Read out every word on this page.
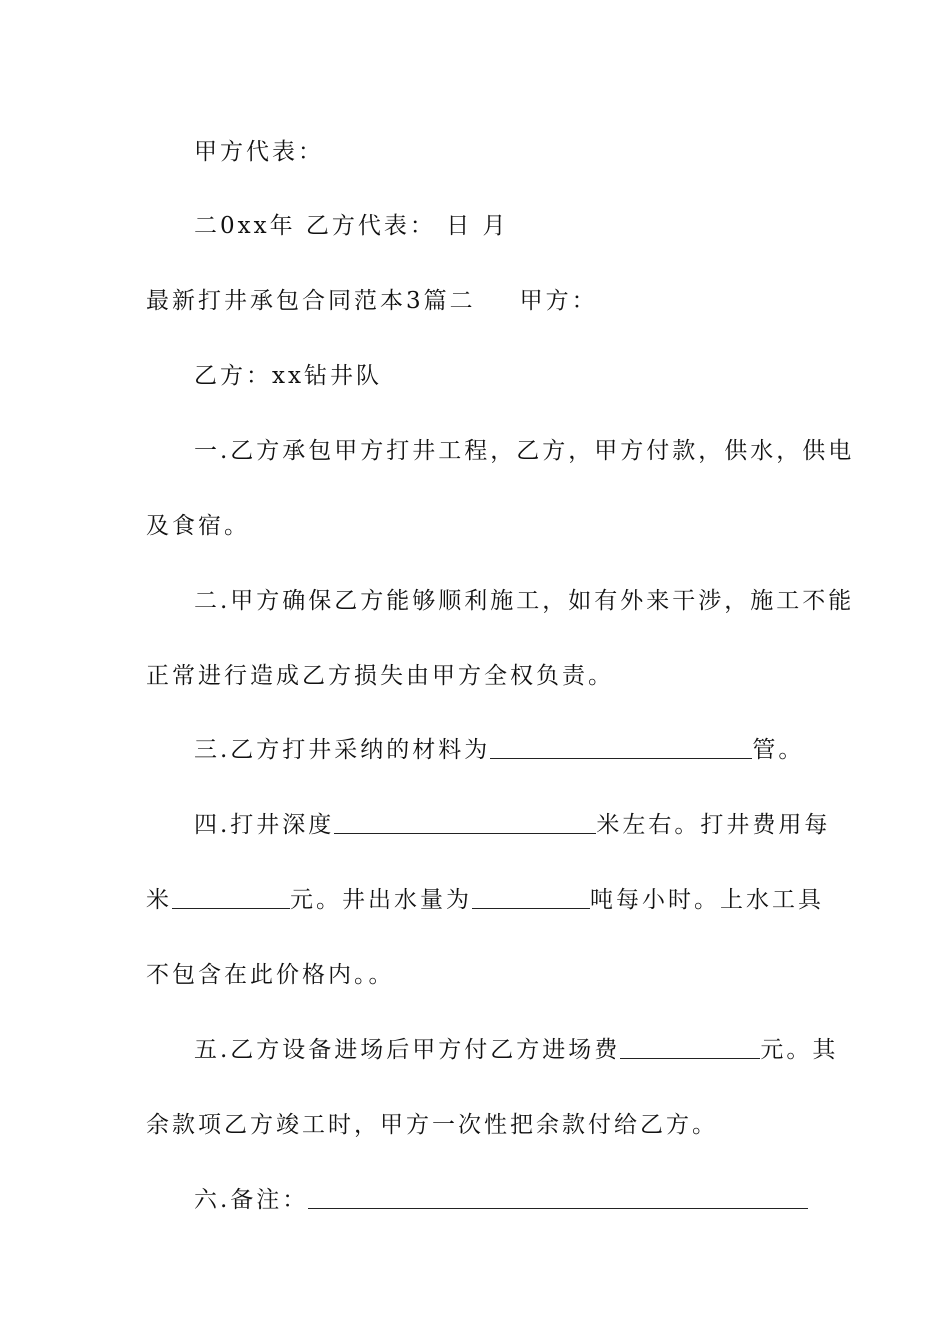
甲方代表：
二0xx年 乙方代表： 日 月
最新打井承包合同范本3篇二 甲方：
乙方：xx钻井队
一.乙方承包甲方打井工程，乙方，甲方付款，供水，供电
及食宿。
二.甲方确保乙方能够顺利施工，如有外来干涉，施工不能
正常进行造成乙方损失由甲方全权负责。
三.乙方打井采纳的材料为	管。
四.打井深度	米左右。打井费用每
米	元。井出水量为	吨每小时。上水工具
不包含在此价格内。。
五.乙方设备进场后甲方付乙方进场费	元。其
余款项乙方竣工时，甲方一次性把余款付给乙方。
六.备注：
